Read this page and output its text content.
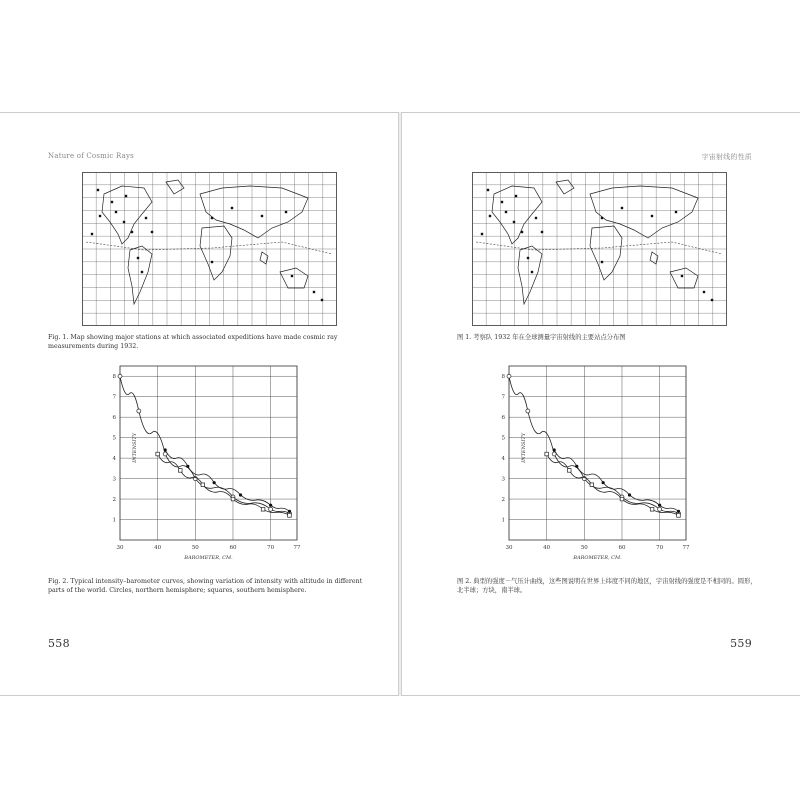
Nature of Cosmic Rays
Fig. 1. Map showing major stations at which associated expeditions have made cosmic ray measurements during 1932.
30	40	50	60	70	77
1
2
3
4
5
6
7
8
BAROMETER, CM.
INTENSITY
Fig. 2. Typical intensity–barometer curves, showing variation of intensity with altitude in different parts of the world. Circles, northern hemisphere; squares, southern hemisphere.
558
宇宙射线的性质
图 1. 考察队 1932 年在全球测量宇宙射线的主要站点分布图
30	40	50	60	70	77
1
2
3
4
5
6
7
8
BAROMETER, CM.
INTENSITY
图 2. 典型的强度－气压计曲线，这些图说明在世界上纬度不同的地区，宇宙射线的强度是不相同的。圆形，北半球；方块，南半球。
559
